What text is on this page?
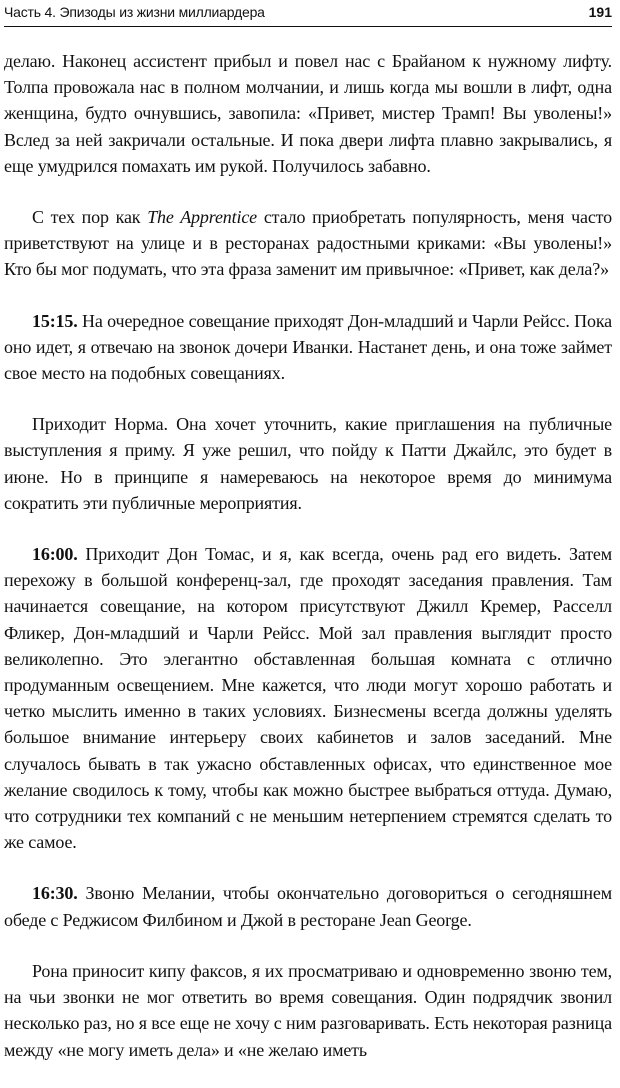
Часть 4. Эпизоды из жизни миллиардера	191

делаю. Наконец ассистент прибыл и повел нас с Брайаном к нужному лифту. Толпа провожала нас в полном молчании, и лишь когда мы вошли в лифт, одна женщина, будто очнувшись, завопила: «Привет, мистер Трамп! Вы уволены!» Вслед за ней закричали остальные. И пока двери лифта плавно закрывались, я еще умудрился помахать им рукой. Получилось забавно.

С тех пор как The Apprentice стало приобретать популярность, меня часто приветствуют на улице и в ресторанах радостными криками: «Вы уволены!» Кто бы мог подумать, что эта фраза заменит им привычное: «Привет, как дела?»

15:15. На очередное совещание приходят Дон-младший и Чарли Рейсс. Пока оно идет, я отвечаю на звонок дочери Иванки. Настанет день, и она тоже займет свое место на подобных совещаниях.

Приходит Норма. Она хочет уточнить, какие приглашения на публичные выступления я приму. Я уже решил, что пойду к Патти Джайлс, это будет в июне. Но в принципе я намереваюсь на некоторое время до минимума сократить эти публичные мероприятия.

16:00. Приходит Дон Томас, и я, как всегда, очень рад его видеть. Затем перехожу в большой конференц-зал, где проходят заседания правления. Там начинается совещание, на котором присутствуют Джилл Кремер, Расселл Фликер, Дон-младший и Чарли Рейсс. Мой зал правления выглядит просто великолепно. Это элегантно обставленная большая комната с отлично продуманным освещением. Мне кажется, что люди могут хорошо работать и четко мыслить именно в таких условиях. Бизнесмены всегда должны уделять большое внимание интерьеру своих кабинетов и залов заседаний. Мне случалось бывать в так ужасно обставленных офисах, что единственное мое желание сводилось к тому, чтобы как можно быстрее выбраться оттуда. Думаю, что сотрудники тех компаний с не меньшим нетерпением стремятся сделать то же самое.

16:30. Звоню Мелании, чтобы окончательно договориться о сегодняшнем обеде с Реджисом Филбином и Джой в ресторане Jean George.

Рона приносит кипу факсов, я их просматриваю и одновременно звоню тем, на чьи звонки не мог ответить во время совещания. Один подрядчик звонил несколько раз, но я все еще не хочу с ним разговаривать. Есть некоторая разница между «не могу иметь дела» и «не желаю иметь
